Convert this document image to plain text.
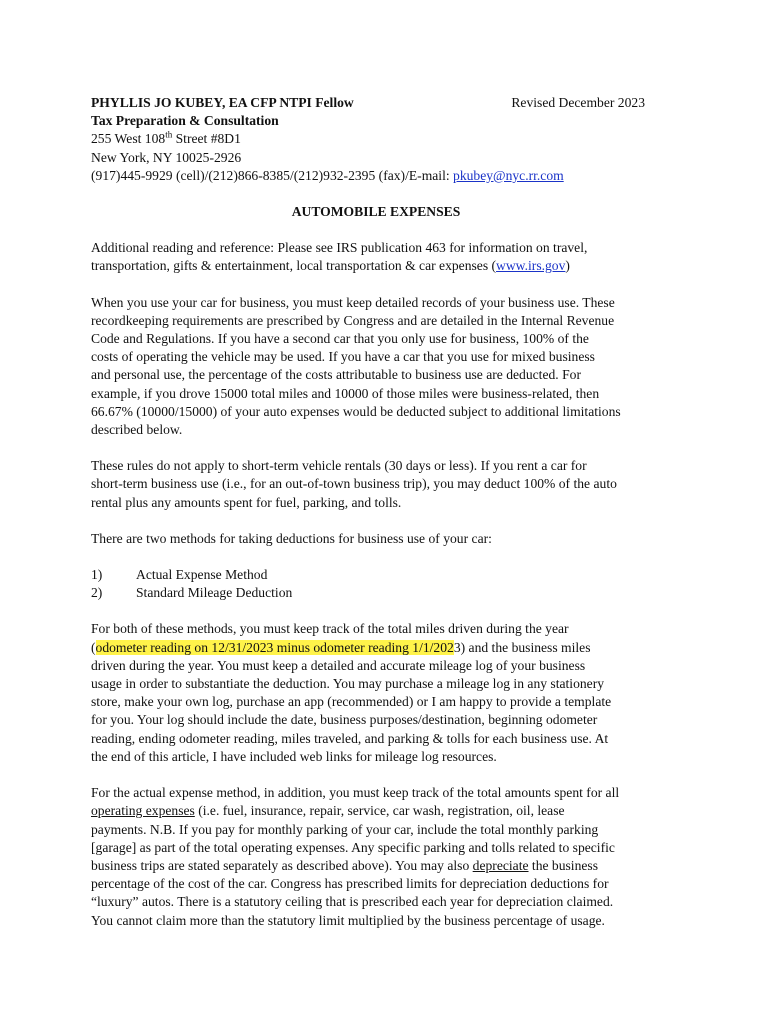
PHYLLIS JO KUBEY, EA CFP NTPI Fellow	Revised December 2023
Tax Preparation & Consultation
255 West 108th Street #8D1
New York, NY 10025-2926
(917)445-9929 (cell)/(212)866-8385/(212)932-2395 (fax)/E-mail: pkubey@nyc.rr.com
AUTOMOBILE EXPENSES
Additional reading and reference: Please see IRS publication 463 for information on travel,
transportation, gifts & entertainment, local transportation & car expenses (www.irs.gov)
When you use your car for business, you must keep detailed records of your business use. These
recordkeeping requirements are prescribed by Congress and are detailed in the Internal Revenue
Code and Regulations. If you have a second car that you only use for business, 100% of the
costs of operating the vehicle may be used. If you have a car that you use for mixed business
and personal use, the percentage of the costs attributable to business use are deducted. For
example, if you drove 15000 total miles and 10000 of those miles were business-related, then
66.67% (10000/15000) of your auto expenses would be deducted subject to additional limitations
described below.
These rules do not apply to short-term vehicle rentals (30 days or less). If you rent a car for
short-term business use (i.e., for an out-of-town business trip), you may deduct 100% of the auto
rental plus any amounts spent for fuel, parking, and tolls.
There are two methods for taking deductions for business use of your car:
1)	Actual Expense Method
2)	Standard Mileage Deduction
For both of these methods, you must keep track of the total miles driven during the year
(odometer reading on 12/31/2023 minus odometer reading 1/1/2023) and the business miles
driven during the year. You must keep a detailed and accurate mileage log of your business
usage in order to substantiate the deduction. You may purchase a mileage log in any stationery
store, make your own log, purchase an app (recommended) or I am happy to provide a template
for you. Your log should include the date, business purposes/destination, beginning odometer
reading, ending odometer reading, miles traveled, and parking & tolls for each business use. At
the end of this article, I have included web links for mileage log resources.
For the actual expense method, in addition, you must keep track of the total amounts spent for all
operating expenses (i.e. fuel, insurance, repair, service, car wash, registration, oil, lease
payments. N.B. If you pay for monthly parking of your car, include the total monthly parking
[garage] as part of the total operating expenses. Any specific parking and tolls related to specific
business trips are stated separately as described above). You may also depreciate the business
percentage of the cost of the car. Congress has prescribed limits for depreciation deductions for
“luxury” autos. There is a statutory ceiling that is prescribed each year for depreciation claimed.
You cannot claim more than the statutory limit multiplied by the business percentage of usage.
